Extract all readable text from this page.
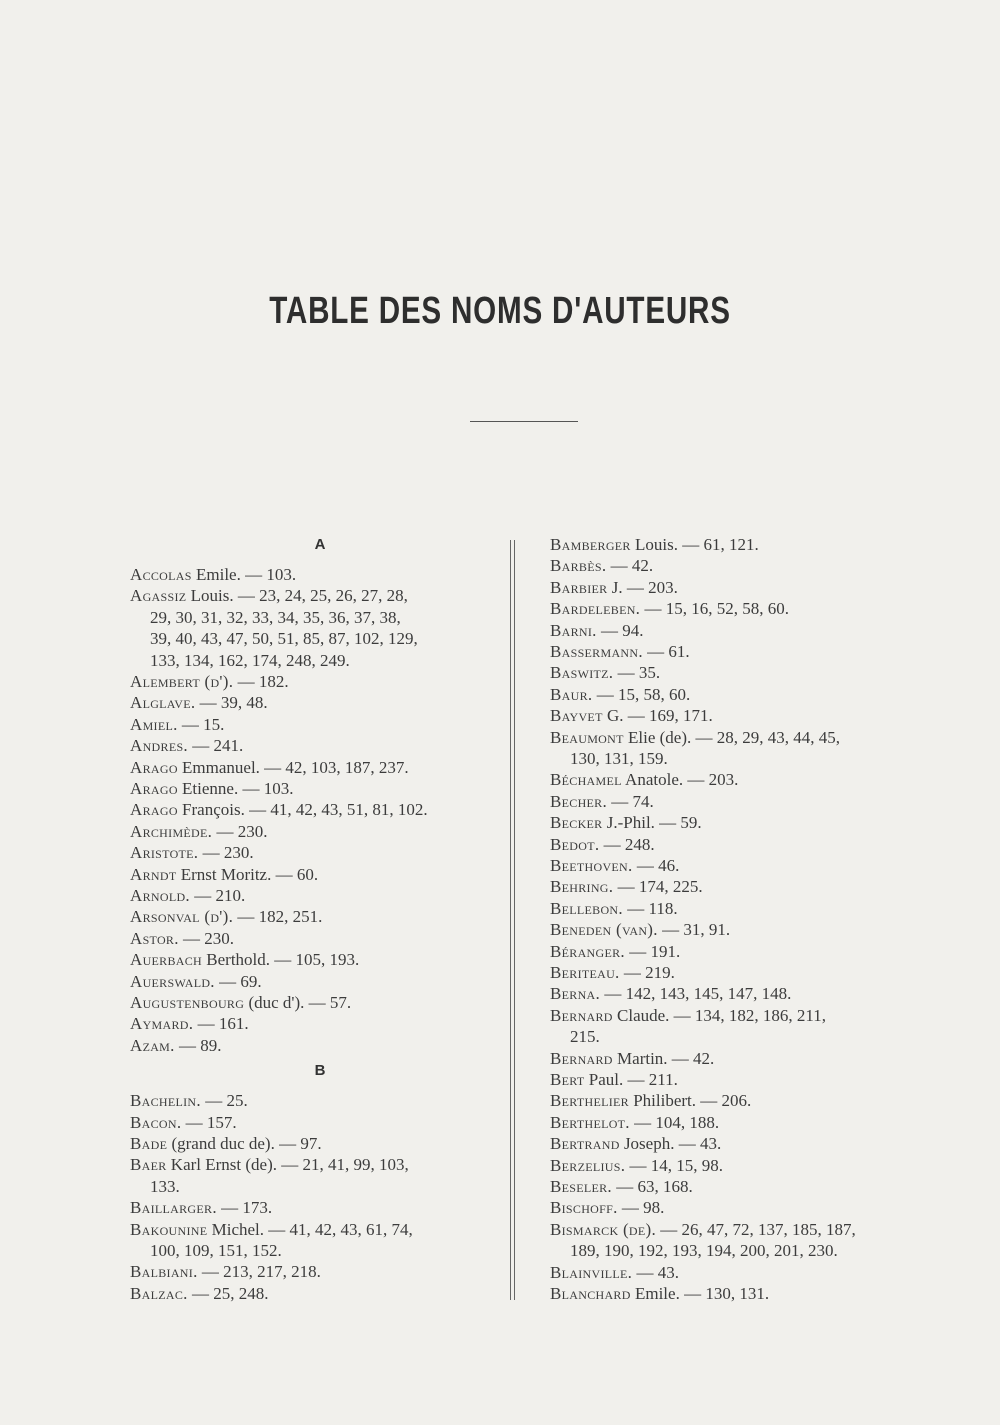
TABLE DES NOMS D'AUTEURS
A
Accolas Emile. — 103.
Agassiz Louis. — 23, 24, 25, 26, 27, 28,
29, 30, 31, 32, 33, 34, 35, 36, 37, 38,
39, 40, 43, 47, 50, 51, 85, 87, 102, 129,
133, 134, 162, 174, 248, 249.
Alembert (d'). — 182.
Alglave. — 39, 48.
Amiel. — 15.
Andres. — 241.
Arago Emmanuel. — 42, 103, 187, 237.
Arago Etienne. — 103.
Arago François. — 41, 42, 43, 51, 81, 102.
Archimède. — 230.
Aristote. — 230.
Arndt Ernst Moritz. — 60.
Arnold. — 210.
Arsonval (d'). — 182, 251.
Astor. — 230.
Auerbach Berthold. — 105, 193.
Auerswald. — 69.
Augustenbourg (duc d'). — 57.
Aymard. — 161.
Azam. — 89.
B
Bachelin. — 25.
Bacon. — 157.
Bade (grand duc de). — 97.
Baer Karl Ernst (de). — 21, 41, 99, 103,
133.
Baillarger. — 173.
Bakounine Michel. — 41, 42, 43, 61, 74,
100, 109, 151, 152.
Balbiani. — 213, 217, 218.
Balzac. — 25, 248.
Bamberger Louis. — 61, 121.
Barbès. — 42.
Barbier J. — 203.
Bardeleben. — 15, 16, 52, 58, 60.
Barni. — 94.
Bassermann. — 61.
Baswitz. — 35.
Baur. — 15, 58, 60.
Bayvet G. — 169, 171.
Beaumont Elie (de). — 28, 29, 43, 44, 45,
130, 131, 159.
Béchamel Anatole. — 203.
Becher. — 74.
Becker J.-Phil. — 59.
Bedot. — 248.
Beethoven. — 46.
Behring. — 174, 225.
Bellebon. — 118.
Beneden (van). — 31, 91.
Béranger. — 191.
Beriteau. — 219.
Berna. — 142, 143, 145, 147, 148.
Bernard Claude. — 134, 182, 186, 211,
215.
Bernard Martin. — 42.
Bert Paul. — 211.
Berthelier Philibert. — 206.
Berthelot. — 104, 188.
Bertrand Joseph. — 43.
Berzelius. — 14, 15, 98.
Beseler. — 63, 168.
Bischoff. — 98.
Bismarck (de). — 26, 47, 72, 137, 185, 187,
189, 190, 192, 193, 194, 200, 201, 230.
Blainville. — 43.
Blanchard Emile. — 130, 131.
